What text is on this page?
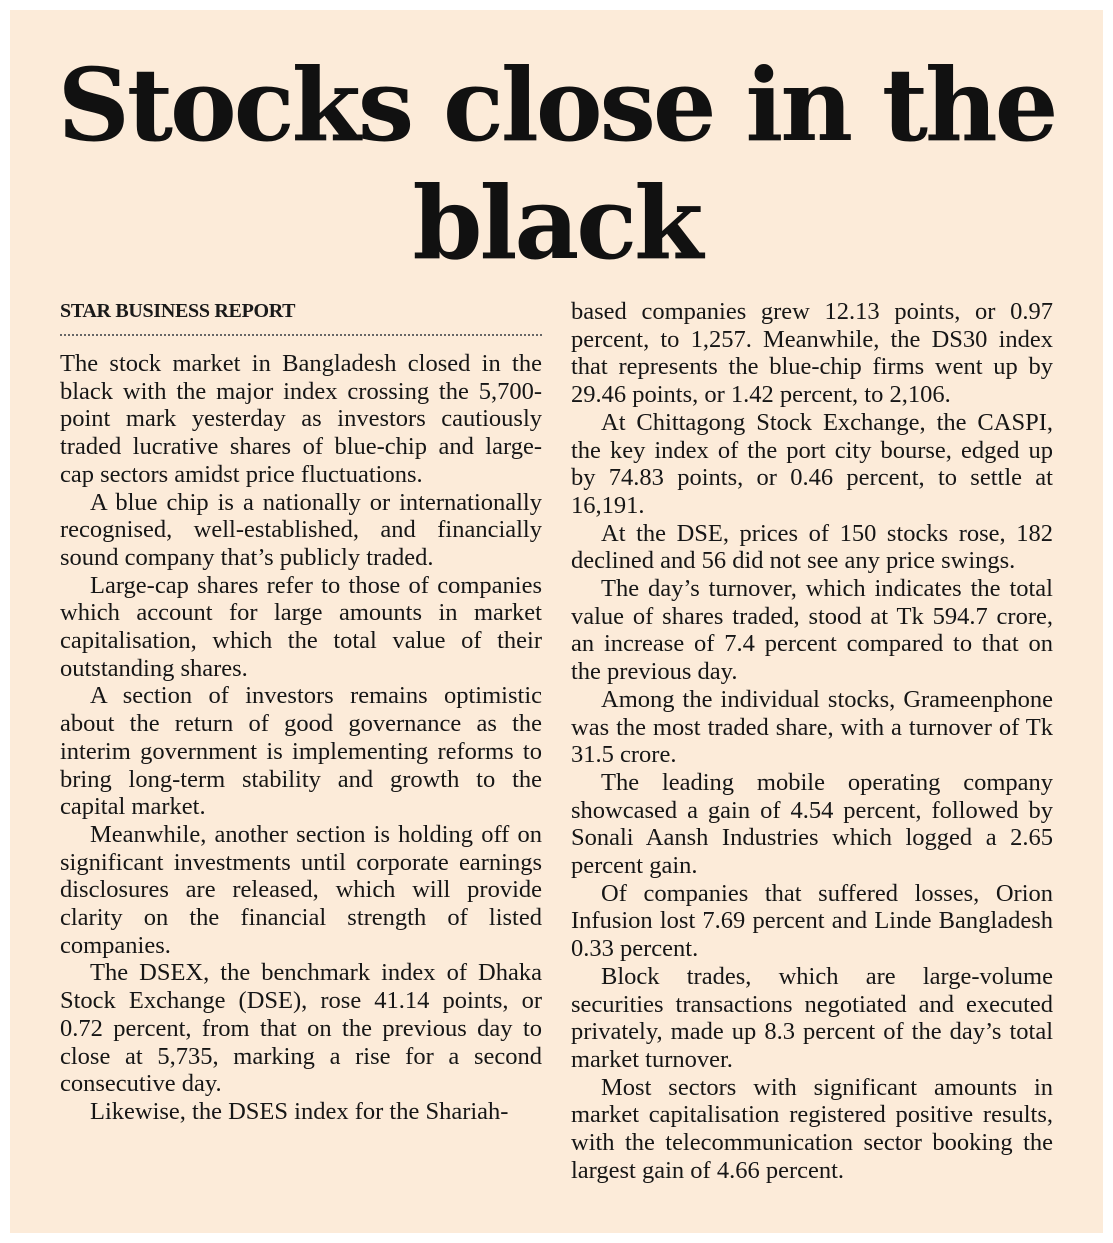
Stocks close in the black
STAR BUSINESS REPORT

The stock market in Bangladesh closed in the black with the major index crossing the 5,700-point mark yesterday as investors cautiously traded lucrative shares of blue-chip and large-cap sectors amidst price fluctuations.

A blue chip is a nationally or internationally recognised, well-established, and financially sound company that’s publicly traded.

Large-cap shares refer to those of companies which account for large amounts in market capitalisation, which the total value of their outstanding shares.

A section of investors remains optimistic about the return of good governance as the interim government is implementing reforms to bring long-term stability and growth to the capital market.

Meanwhile, another section is holding off on significant investments until corporate earnings disclosures are released, which will provide clarity on the financial strength of listed companies.

The DSEX, the benchmark index of Dhaka Stock Exchange (DSE), rose 41.14 points, or 0.72 percent, from that on the previous day to close at 5,735, marking a rise for a second consecutive day.

Likewise, the DSES index for the Shariah-

based companies grew 12.13 points, or 0.97 percent, to 1,257. Meanwhile, the DS30 index that represents the blue-chip firms went up by 29.46 points, or 1.42 percent, to 2,106.

At Chittagong Stock Exchange, the CASPI, the key index of the port city bourse, edged up by 74.83 points, or 0.46 percent, to settle at 16,191.

At the DSE, prices of 150 stocks rose, 182 declined and 56 did not see any price swings.

The day’s turnover, which indicates the total value of shares traded, stood at Tk 594.7 crore, an increase of 7.4 percent compared to that on the previous day.

Among the individual stocks, Grameenphone was the most traded share, with a turnover of Tk 31.5 crore.

The leading mobile operating company showcased a gain of 4.54 percent, followed by Sonali Aansh Industries which logged a 2.65 percent gain.

Of companies that suffered losses, Orion Infusion lost 7.69 percent and Linde Bangladesh 0.33 percent.

Block trades, which are large-volume securities transactions negotiated and executed privately, made up 8.3 percent of the day’s total market turnover.

Most sectors with significant amounts in market capitalisation registered positive results, with the telecommunication sector booking the largest gain of 4.66 percent.
